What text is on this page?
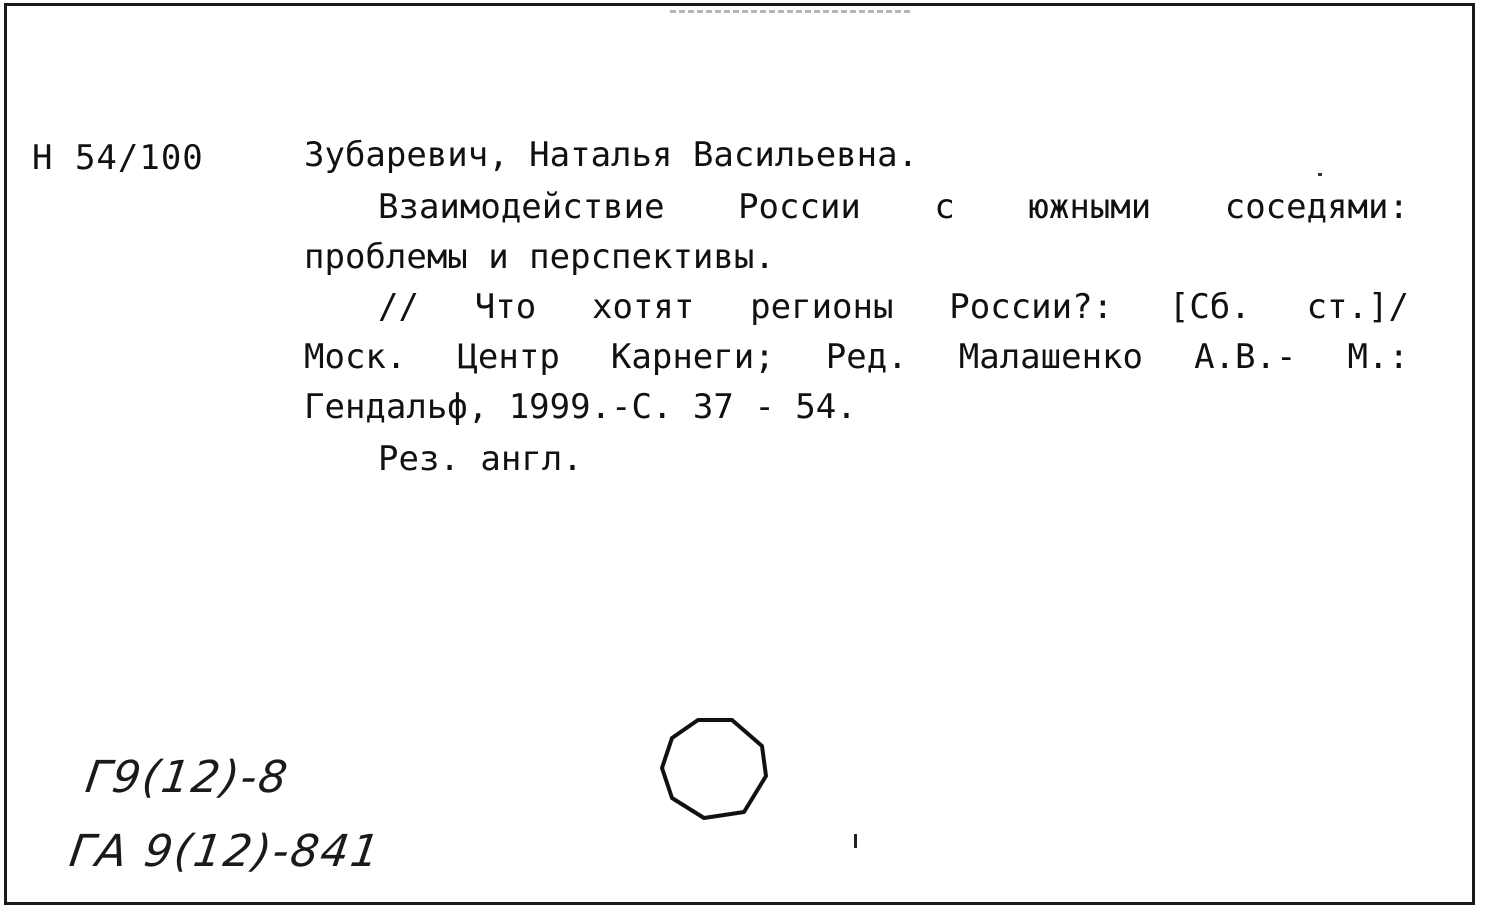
Н 54/100	Зубаревич, Наталья Васильевна.
Взаимодействие России с южными соседями:
проблемы и перспективы.
// Что хотят регионы России?: [Сб. ст.]/
Моск. Центр Карнеги; Ред. Малашенко А.В.- М.:
Гендальф, 1999.-С. 37 - 54.
Рез. англ.
Г9(12)-8
ГА 9(12)-841
